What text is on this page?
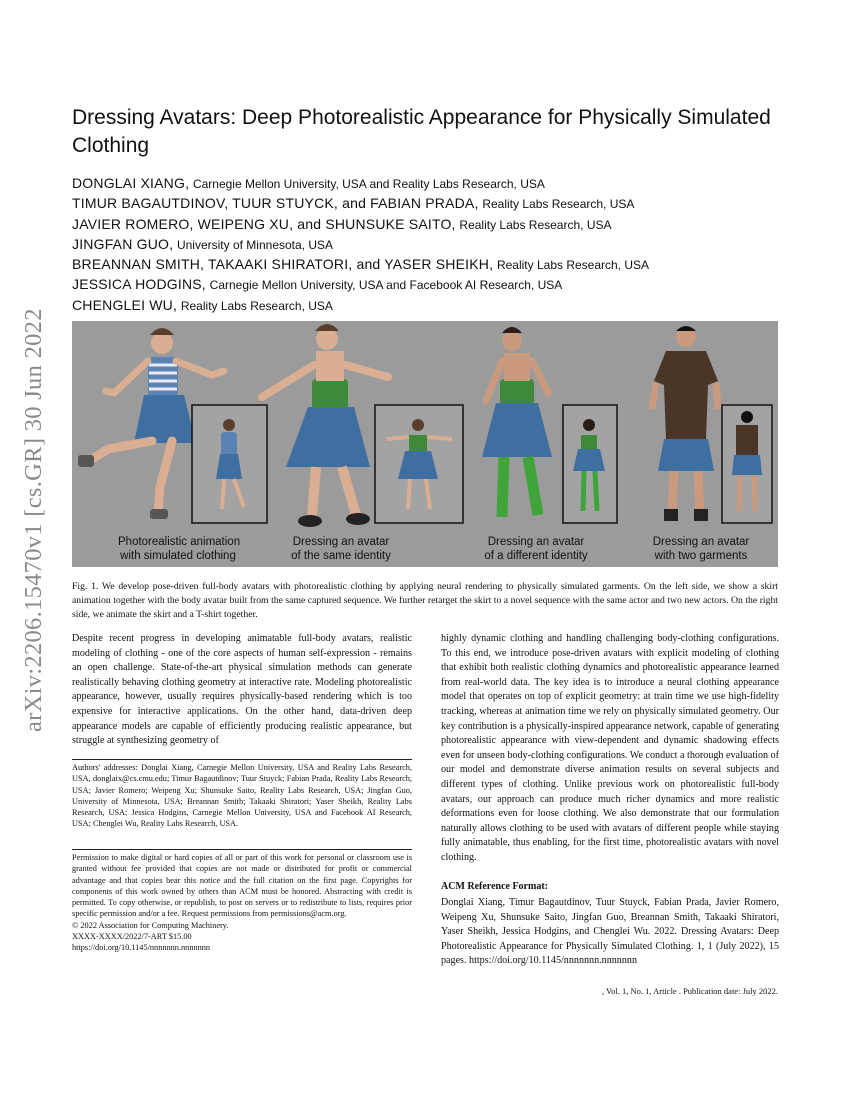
arXiv:2206.15470v1 [cs.GR] 30 Jun 2022
Dressing Avatars: Deep Photorealistic Appearance for Physically Simulated Clothing
DONGLAI XIANG, Carnegie Mellon University, USA and Reality Labs Research, USA
TIMUR BAGAUTDINOV, TUUR STUYCK, and FABIAN PRADA, Reality Labs Research, USA
JAVIER ROMERO, WEIPENG XU, and SHUNSUKE SAITO, Reality Labs Research, USA
JINGFAN GUO, University of Minnesota, USA
BREANNAN SMITH, TAKAAKI SHIRATORI, and YASER SHEIKH, Reality Labs Research, USA
JESSICA HODGINS, Carnegie Mellon University, USA and Facebook AI Research, USA
CHENGLEI WU, Reality Labs Research, USA
Photorealistic animation
with simulated clothing
Dressing an avatar
of the same identity
Dressing an avatar
of a different identity
Dressing an avatar
with two garments
Fig. 1. We develop pose-driven full-body avatars with photorealistic clothing by applying neural rendering to physically simulated garments. On the left side, we show a skirt animation together with the body avatar built from the same captured sequence. We further retarget the skirt to a novel sequence with the same actor and two new actors. On the right side, we animate the skirt and a T-shirt together.
Despite recent progress in developing animatable full-body avatars, realistic modeling of clothing - one of the core aspects of human self-expression - remains an open challenge. State-of-the-art physical simulation methods can generate realistically behaving clothing geometry at interactive rate. Modeling photorealistic appearance, however, usually requires physically-based rendering which is too expensive for interactive applications. On the other hand, data-driven deep appearance models are capable of efficiently producing realistic appearance, but struggle at synthesizing geometry of
Authors' addresses: Donglai Xiang, Carnegie Mellon University, USA and Reality Labs Research, USA, donglaix@cs.cmu.edu; Timur Bagautdinov; Tuur Stuyck; Fabian Prada, Reality Labs Research, USA; Javier Romero; Weipeng Xu; Shunsuke Saito, Reality Labs Research, USA; Jingfan Guo, University of Minnesota, USA; Breannan Smith; Takaaki Shiratori; Yaser Sheikh, Reality Labs Research, USA; Jessica Hodgins, Carnegie Mellon University, USA and Facebook AI Research, USA; Chenglei Wu, Reality Labs Research, USA.
Permission to make digital or hard copies of all or part of this work for personal or classroom use is granted without fee provided that copies are not made or distributed for profit or commercial advantage and that copies bear this notice and the full citation on the first page. Copyrights for components of this work owned by others than ACM must be honored. Abstracting with credit is permitted. To copy otherwise, or republish, to post on servers or to redistribute to lists, requires prior specific permission and/or a fee. Request permissions from permissions@acm.org.
© 2022 Association for Computing Machinery.
XXXX-XXXX/2022/7-ART $15.00
https://doi.org/10.1145/nnnnnnn.nnnnnnn
highly dynamic clothing and handling challenging body-clothing configurations. To this end, we introduce pose-driven avatars with explicit modeling of clothing that exhibit both realistic clothing dynamics and photorealistic appearance learned from real-world data. The key idea is to introduce a neural clothing appearance model that operates on top of explicit geometry: at train time we use high-fidelity tracking, whereas at animation time we rely on physically simulated geometry. Our key contribution is a physically-inspired appearance network, capable of generating photorealistic appearance with view-dependent and dynamic shadowing effects even for unseen body-clothing configurations. We conduct a thorough evaluation of our model and demonstrate diverse animation results on several subjects and different types of clothing. Unlike previous work on photorealistic full-body avatars, our approach can produce much richer dynamics and more realistic deformations even for loose clothing. We also demonstrate that our formulation naturally allows clothing to be used with avatars of different people while staying fully animatable, thus enabling, for the first time, photorealistic avatars with novel clothing.
ACM Reference Format:
Donglai Xiang, Timur Bagautdinov, Tuur Stuyck, Fabian Prada, Javier Romero, Weipeng Xu, Shunsuke Saito, Jingfan Guo, Breannan Smith, Takaaki Shiratori, Yaser Sheikh, Jessica Hodgins, and Chenglei Wu. 2022. Dressing Avatars: Deep Photorealistic Appearance for Physically Simulated Clothing. 1, 1 (July 2022), 15 pages. https://doi.org/10.1145/nnnnnnn.nnnnnnn
, Vol. 1, No. 1, Article . Publication date: July 2022.
